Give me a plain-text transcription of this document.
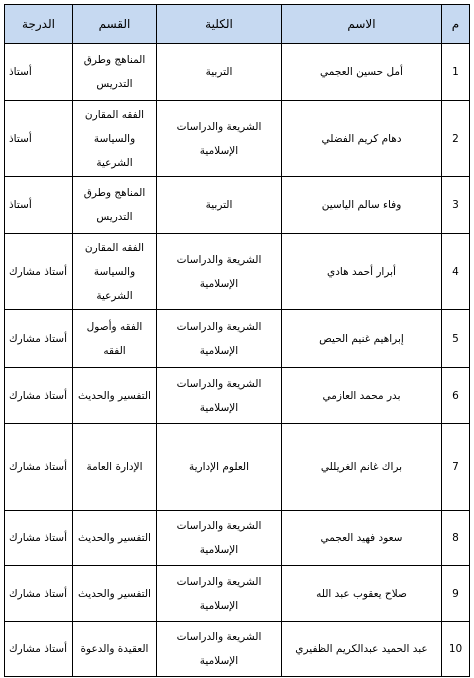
م	الاسم	الكلية	القسم	الدرجة
1	أمل حسين العجمي	التربية	المناهج وطرق التدريس	أستاذ
2	دهام كريم الفضلي	الشريعة والدراسات الإسلامية	الفقه المقارن والسياسة الشرعية	أستاذ
3	وفاء سالم الياسين	التربية	المناهج وطرق التدريس	أستاذ
4	أبرار أحمد هادي	الشريعة والدراسات الإسلامية	الفقه المقارن والسياسة الشرعية	أستاذ مشارك
5	إبراهيم غنيم الحيص	الشريعة والدراسات الإسلامية	الفقه وأصول الفقه	أستاذ مشارك
6	بدر محمد العازمي	الشريعة والدراسات الإسلامية	التفسير والحديث	أستاذ مشارك
7	براك غانم الغريللي	العلوم الإدارية	الإدارة العامة	أستاذ مشارك
8	سعود فهيد العجمي	الشريعة والدراسات الإسلامية	التفسير والحديث	أستاذ مشارك
9	صلاح يعقوب عبد الله	الشريعة والدراسات الإسلامية	التفسير والحديث	أستاذ مشارك
10	عبد الحميد عبدالكريم الظفيري	الشريعة والدراسات الإسلامية	العقيدة والدعوة	أستاذ مشارك
